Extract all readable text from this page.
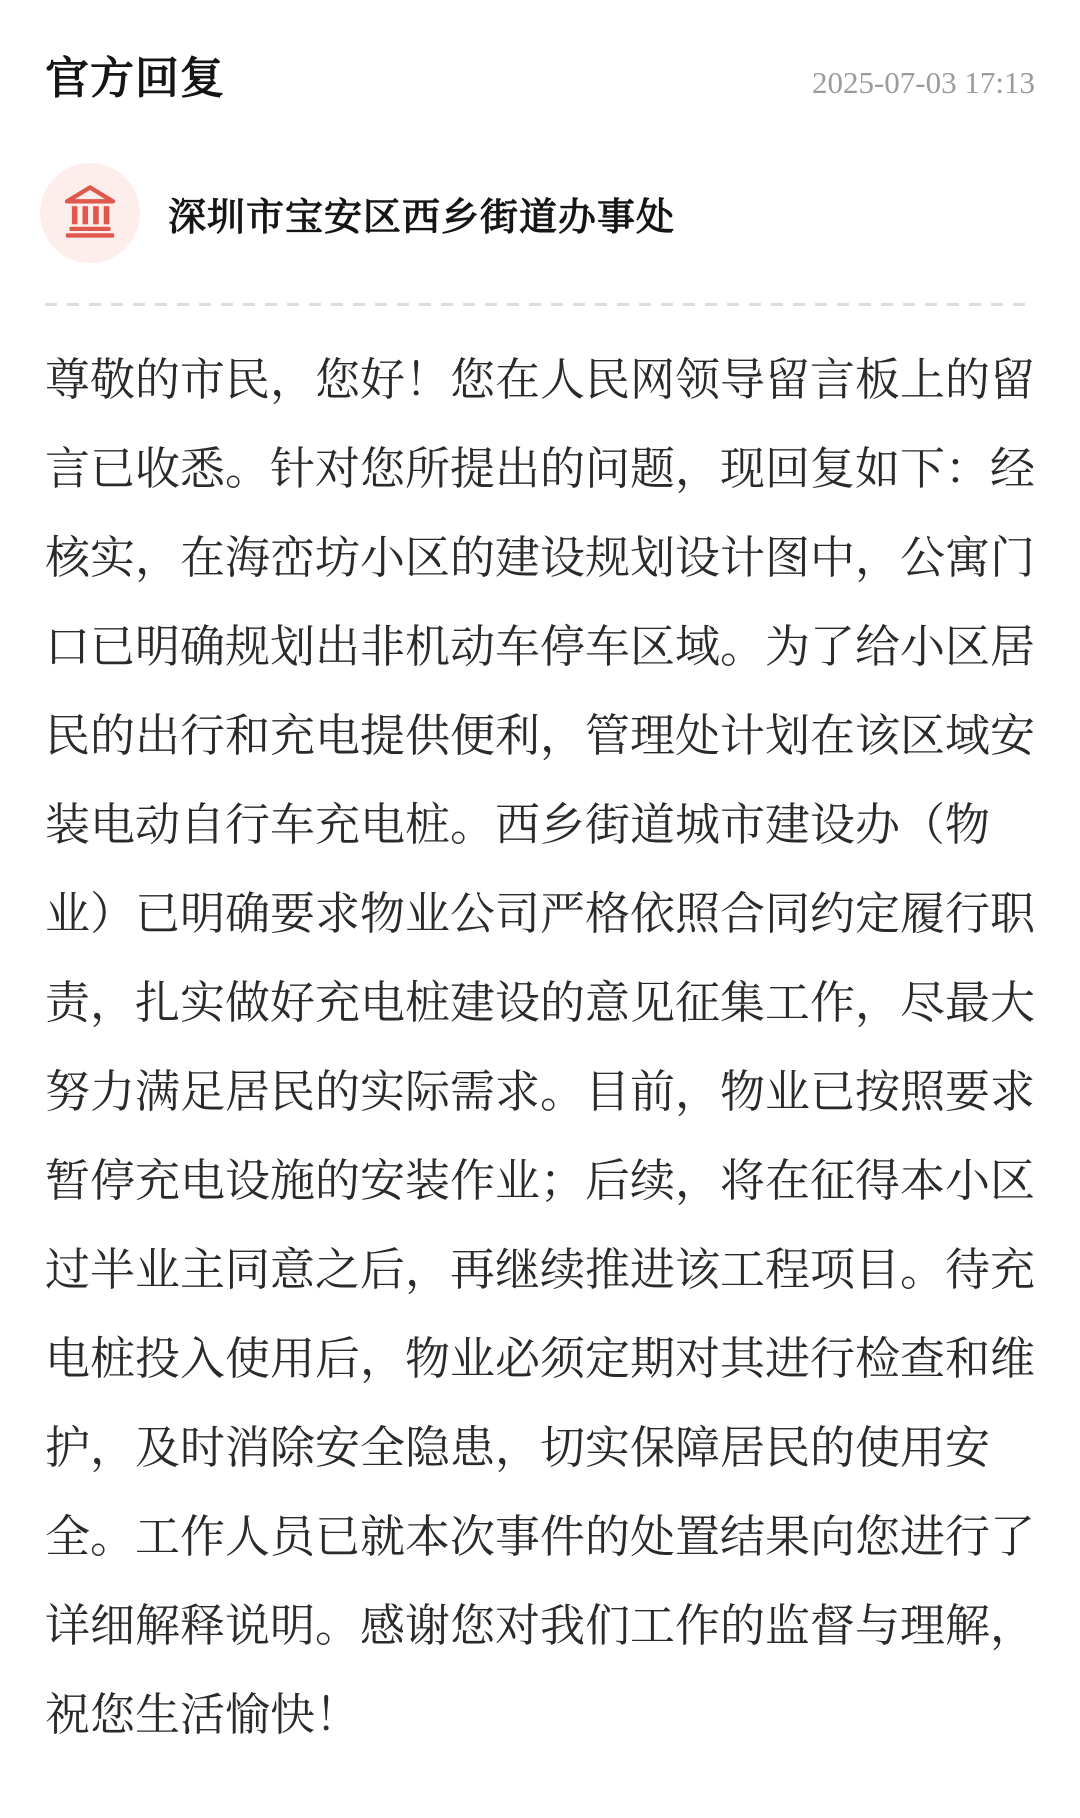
官方回复	2025-07-03 17:13
深圳市宝安区西乡街道办事处
尊敬的市民，您好！您在人民网领导留言板上的留
言已收悉。针对您所提出的问题，现回复如下：经
核实，在海峦坊小区的建设规划设计图中，公寓门
口已明确规划出非机动车停车区域。为了给小区居
民的出行和充电提供便利，管理处计划在该区域安
装电动自行车充电桩。西乡街道城市建设办（物
业）已明确要求物业公司严格依照合同约定履行职
责，扎实做好充电桩建设的意见征集工作，尽最大
努力满足居民的实际需求。目前，物业已按照要求
暂停充电设施的安装作业；后续，将在征得本小区
过半业主同意之后，再继续推进该工程项目。待充
电桩投入使用后，物业必须定期对其进行检查和维
护，及时消除安全隐患，切实保障居民的使用安
全。工作人员已就本次事件的处置结果向您进行了
详细解释说明。感谢您对我们工作的监督与理解，
祝您生活愉快！
